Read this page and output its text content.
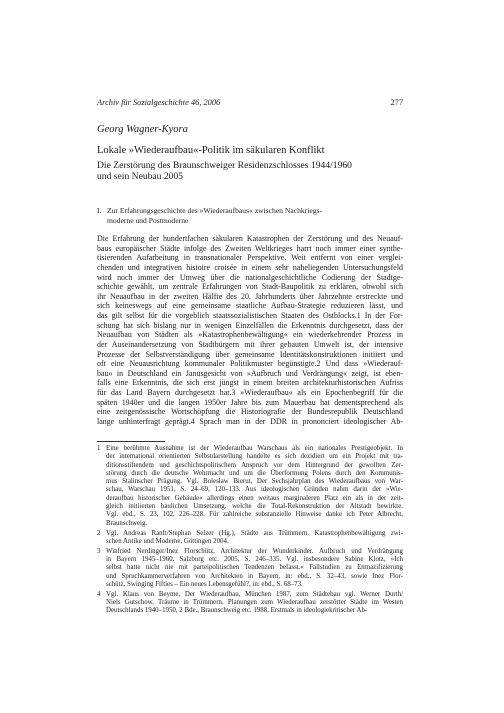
Archiv für Sozialgeschichte 46, 2006	277
Georg Wagner-Kyora
Lokale »Wiederaufbau«-Politik im säkularen Konflikt
Die Zerstörung des Braunschweiger Residenzschlosses 1944/1960
und sein Neubau 2005
I. Zur Erfahrungsgeschichte des »Wiederaufbaus« zwischen Nachkriegs-
moderne und Postmoderne
Die Erfahrung der hundertfachen säkularen Katastrophen der Zerstörung und des Neuauf-
baus europäischer Städte infolge des Zweiten Weltkrieges harrt noch immer einer synthe-
tisierenden Aufarbeitung in transnationaler Perspektive. Weit entfernt von einer verglei-
chenden und integrativen histoire croisée in einem sehr naheliegenden Untersuchungsfeld
wird noch immer der Umweg über die nationalgeschichtliche Codierung der Stadtge-
schichte gewählt, um zentrale Erfahrungen von Stadt-Baupolitik zu erklären, obwohl sich
ihr Neuaufbau in der zweiten Hälfte des 20. Jahrhunderts über Jahrzehnte erstreckte und
sich keineswegs auf eine gemeinsame staatliche Aufbau-Strategie reduzieren lässt, und
das gilt selbst für die vorgeblich staatssozialistischen Staaten des Ostblocks.1 In der For-
schung hat sich bislang nur in wenigen Einzelfällen die Erkenntnis durchgesetzt, dass der
Neuaufbau von Städten als »Katastrophenbewältigung« ein wiederkehrender Prozess in
der Auseinandersetzung von Stadtbürgern mit ihrer gebauten Umwelt ist, der intensive
Prozesse der Selbstverständigung über gemeinsame Identitätskonstruktionen initiiert und
oft eine Neuausrichtung kommunaler Politikmuster begünstigte.2 Und dass »Wiederauf-
bau« in Deutschland ein Janusgesicht von »Aufbruch und Verdrängung« zeigt, ist eben-
falls eine Erkenntnis, die sich erst jüngst in einem breiten architekturhistorischen Aufriss
für das Land Bayern durchgesetzt hat.3 »Wiederaufbau« als ein Epochenbegriff für die
späten 1940er und die langen 1950er Jahre bis zum Mauerbau hat dementsprechend als
eine zeitgenössische Wortschöpfung die Historiografie der Bundesrepublik Deutschland
lange unhinterfragt geprägt.4 Sprach man in der DDR in prononciert ideologischer Ab-
1 Eine berühmte Ausnahme ist der Wiederaufbau Warschaus als ein nationales Prestigeobjekt. In
der international orientierten Selbstdarstellung handelte es sich dezidiert um ein Projekt mit tra-
ditionsstiftendem und geschichtspolitischem Anspruch vor dem Hintergrund der gewollten Zer-
störung durch die deutsche Wehrmacht und um die Überformung Polens durch den Kommunis-
mus Stalinscher Prägung. Vgl. Bolesław Bierut, Der Sechsjahrplan des Wiederaufbaus von War-
schau, Warschau 1951, S. 24–69, 120–133. Aus ideologischen Gründen nahm darin der »Wie-
deraufbau historischer Gebäude« allerdings einen weitaus marginaleren Platz ein als in der zeit-
gleich initiierten baulichen Umsetzung, welche die Total-Rekonstruktion der Altstadt bewirkte.
Vgl. ebd., S. 23, 102, 226–228. Für zahlreiche substanzielle Hinweise danke ich Peter Albrecht,
Braunschweig.
2 Vgl. Andreas Ranft/Stephan Selzer (Hg.), Städte aus Trümmern. Katastrophenbewältigung zwi-
schen Antike und Moderne, Göttingen 2004.
3 Winfried Nerdinger/Inez Florschütz, Architektur der Wunderkinder. Aufbruch und Verdrängung
in Bayern 1945–1960, Salzburg etc. 2005, S. 246–335. Vgl. insbesondere Sabine Klotz, »Ich
selbst hatte nicht nie mit parteipolitischen Tendenzen befasst.« Fallstudien zu Entnazifizierung
und Spruchkammerverfahren von Architekten in Bayern, in: ebd., S. 32–43, sowie Inez Flor-
schütz, Swinging Fifties – Ein neues Lebensgefühl?, in: ebd., S. 68–73.
4 Vgl. Klaus von Beyme, Der Wiederaufbau, München 1987, zum Städtebau vgl. Werner Durth/
Niels Gutschow, Träume in Trümmern. Planungen zum Wiederaufbau zerstörter Städte im Westen
Deutschlands 1940–1950, 2 Bde., Braunschweig etc. 1988. Erstmals in ideologiekritischer Ab-
